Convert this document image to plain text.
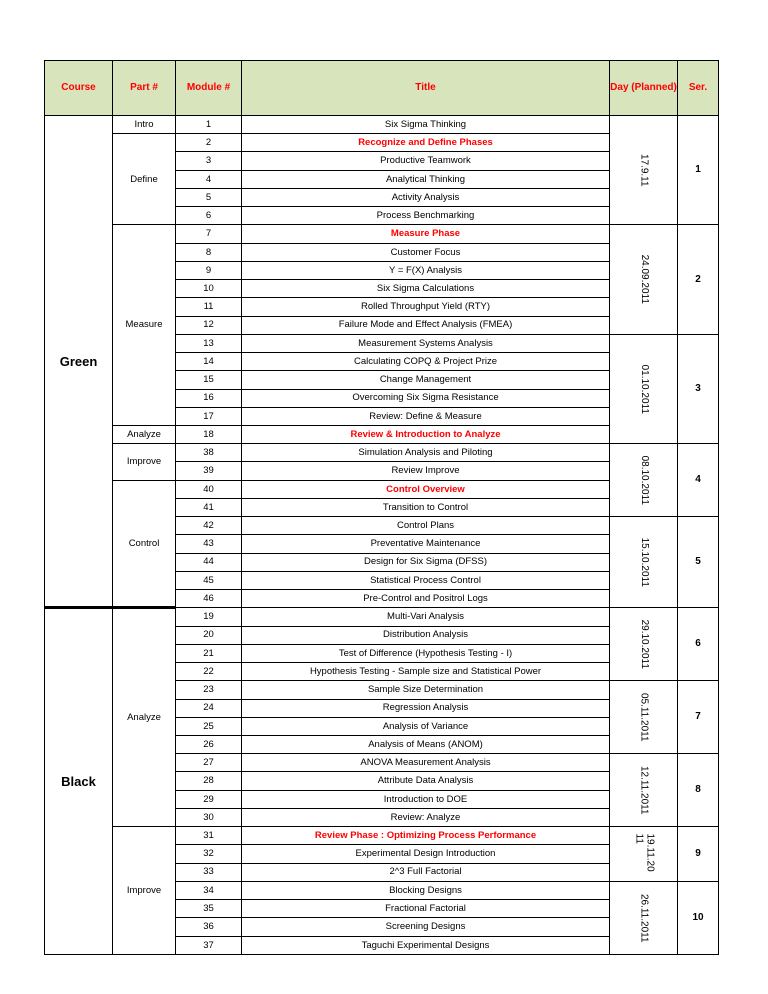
Course	Part #	Module #	Title	Day (Planned)	Ser.
Green	Intro	1	Six Sigma Thinking	17.9.11	1
	Define	2	Recognize and Define Phases		
		3	Productive Teamwork		
		4	Analytical Thinking		
		5	Activity Analysis		
		6	Process Benchmarking		
	Measure	7	Measure Phase	24.09.2011	2
		8	Customer Focus		
		9	Y = F(X) Analysis		
		10	Six Sigma Calculations		
		11	Rolled Throughput Yield (RTY)		
		12	Failure Mode and Effect Analysis (FMEA)		
		13	Measurement Systems Analysis	01.10.2011	3
		14	Calculating COPQ & Project Prize		
		15	Change Management		
		16	Overcoming Six Sigma Resistance		
		17	Review: Define & Measure		
	Analyze	18	Review & Introduction to Analyze		
	Improve	38	Simulation Analysis and Piloting	08.10.2011	4
		39	Review Improve		
	Control	40	Control Overview		
		41	Transition to Control		
		42	Control Plans	15.10.2011	5
		43	Preventative Maintenance		
		44	Design for Six Sigma (DFSS)		
		45	Statistical Process Control		
		46	Pre-Control and Positrol Logs		
Black	Analyze	19	Multi-Vari Analysis	29.10.2011	6
		20	Distribution Analysis		
		21	Test of Difference (Hypothesis Testing - I)		
		22	Hypothesis Testing - Sample size and Statistical Power		
		23	Sample Size Determination	05.11.2011	7
		24	Regression Analysis		
		25	Analysis of Variance		
		26	Analysis of Means (ANOM)		
		27	ANOVA Measurement Analysis	12.11.2011	8
		28	Attribute Data Analysis		
		29	Introduction to DOE		
		30	Review: Analyze		
	Improve	31	Review Phase : Optimizing Process Performance	19.11.2011	9
		32	Experimental Design Introduction		
		33	2^3 Full Factorial		
		34	Blocking Designs	26.11.2011	10
		35	Fractional Factorial		
		36	Screening Designs		
		37	Taguchi Experimental Designs		
